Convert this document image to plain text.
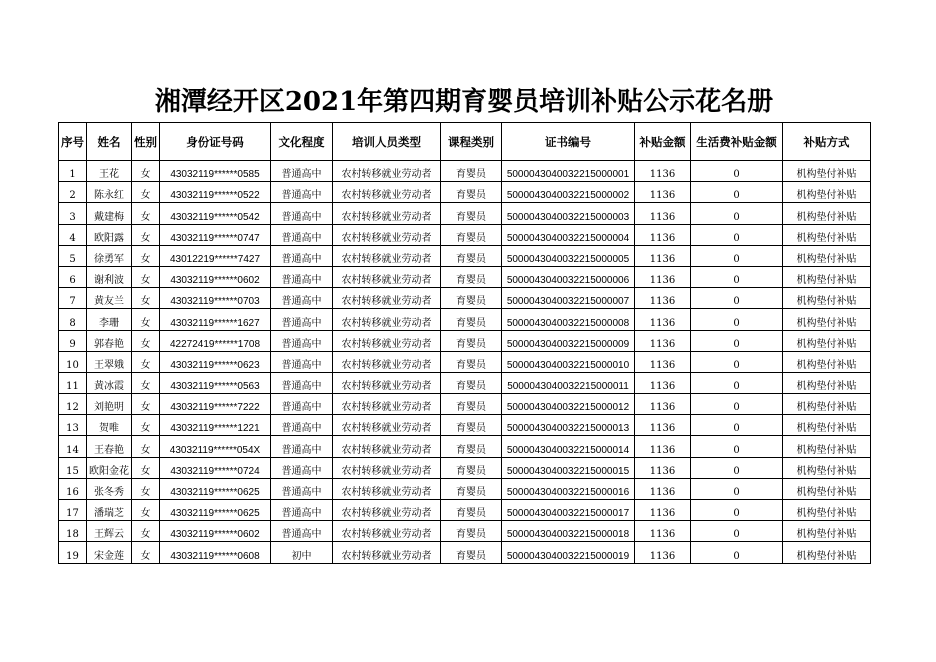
湘潭经开区2021年第四期育婴员培训补贴公示花名册
序号	姓名	性别	身份证号码	文化程度	培训人员类型	课程类别	证书编号	补贴金额	生活费补贴金额	补贴方式
1	王花	女	43032119******0585	普通高中	农村转移就业劳动者	育婴员	5000043040032215000001	1136	0	机构垫付补贴
2	陈永红	女	43032119******0522	普通高中	农村转移就业劳动者	育婴员	5000043040032215000002	1136	0	机构垫付补贴
3	戴建梅	女	43032119******0542	普通高中	农村转移就业劳动者	育婴员	5000043040032215000003	1136	0	机构垫付补贴
4	欧阳露	女	43032119******0747	普通高中	农村转移就业劳动者	育婴员	5000043040032215000004	1136	0	机构垫付补贴
5	徐勇军	女	43012219******7427	普通高中	农村转移就业劳动者	育婴员	5000043040032215000005	1136	0	机构垫付补贴
6	谢利波	女	43032119******0602	普通高中	农村转移就业劳动者	育婴员	5000043040032215000006	1136	0	机构垫付补贴
7	黄友兰	女	43032119******0703	普通高中	农村转移就业劳动者	育婴员	5000043040032215000007	1136	0	机构垫付补贴
8	李珊	女	43032119******1627	普通高中	农村转移就业劳动者	育婴员	5000043040032215000008	1136	0	机构垫付补贴
9	郭春艳	女	42272419******1708	普通高中	农村转移就业劳动者	育婴员	5000043040032215000009	1136	0	机构垫付补贴
10	王翠娥	女	43032119******0623	普通高中	农村转移就业劳动者	育婴员	5000043040032215000010	1136	0	机构垫付补贴
11	黄冰霞	女	43032119******0563	普通高中	农村转移就业劳动者	育婴员	5000043040032215000011	1136	0	机构垫付补贴
12	刘艳明	女	43032119******7222	普通高中	农村转移就业劳动者	育婴员	5000043040032215000012	1136	0	机构垫付补贴
13	贺唯	女	43032119******1221	普通高中	农村转移就业劳动者	育婴员	5000043040032215000013	1136	0	机构垫付补贴
14	王春艳	女	43032119******054X	普通高中	农村转移就业劳动者	育婴员	5000043040032215000014	1136	0	机构垫付补贴
15	欧阳金花	女	43032119******0724	普通高中	农村转移就业劳动者	育婴员	5000043040032215000015	1136	0	机构垫付补贴
16	张冬秀	女	43032119******0625	普通高中	农村转移就业劳动者	育婴员	5000043040032215000016	1136	0	机构垫付补贴
17	潘瑞芝	女	43032119******0625	普通高中	农村转移就业劳动者	育婴员	5000043040032215000017	1136	0	机构垫付补贴
18	王辉云	女	43032119******0602	普通高中	农村转移就业劳动者	育婴员	5000043040032215000018	1136	0	机构垫付补贴
19	宋金莲	女	43032119******0608	初中	农村转移就业劳动者	育婴员	5000043040032215000019	1136	0	机构垫付补贴
